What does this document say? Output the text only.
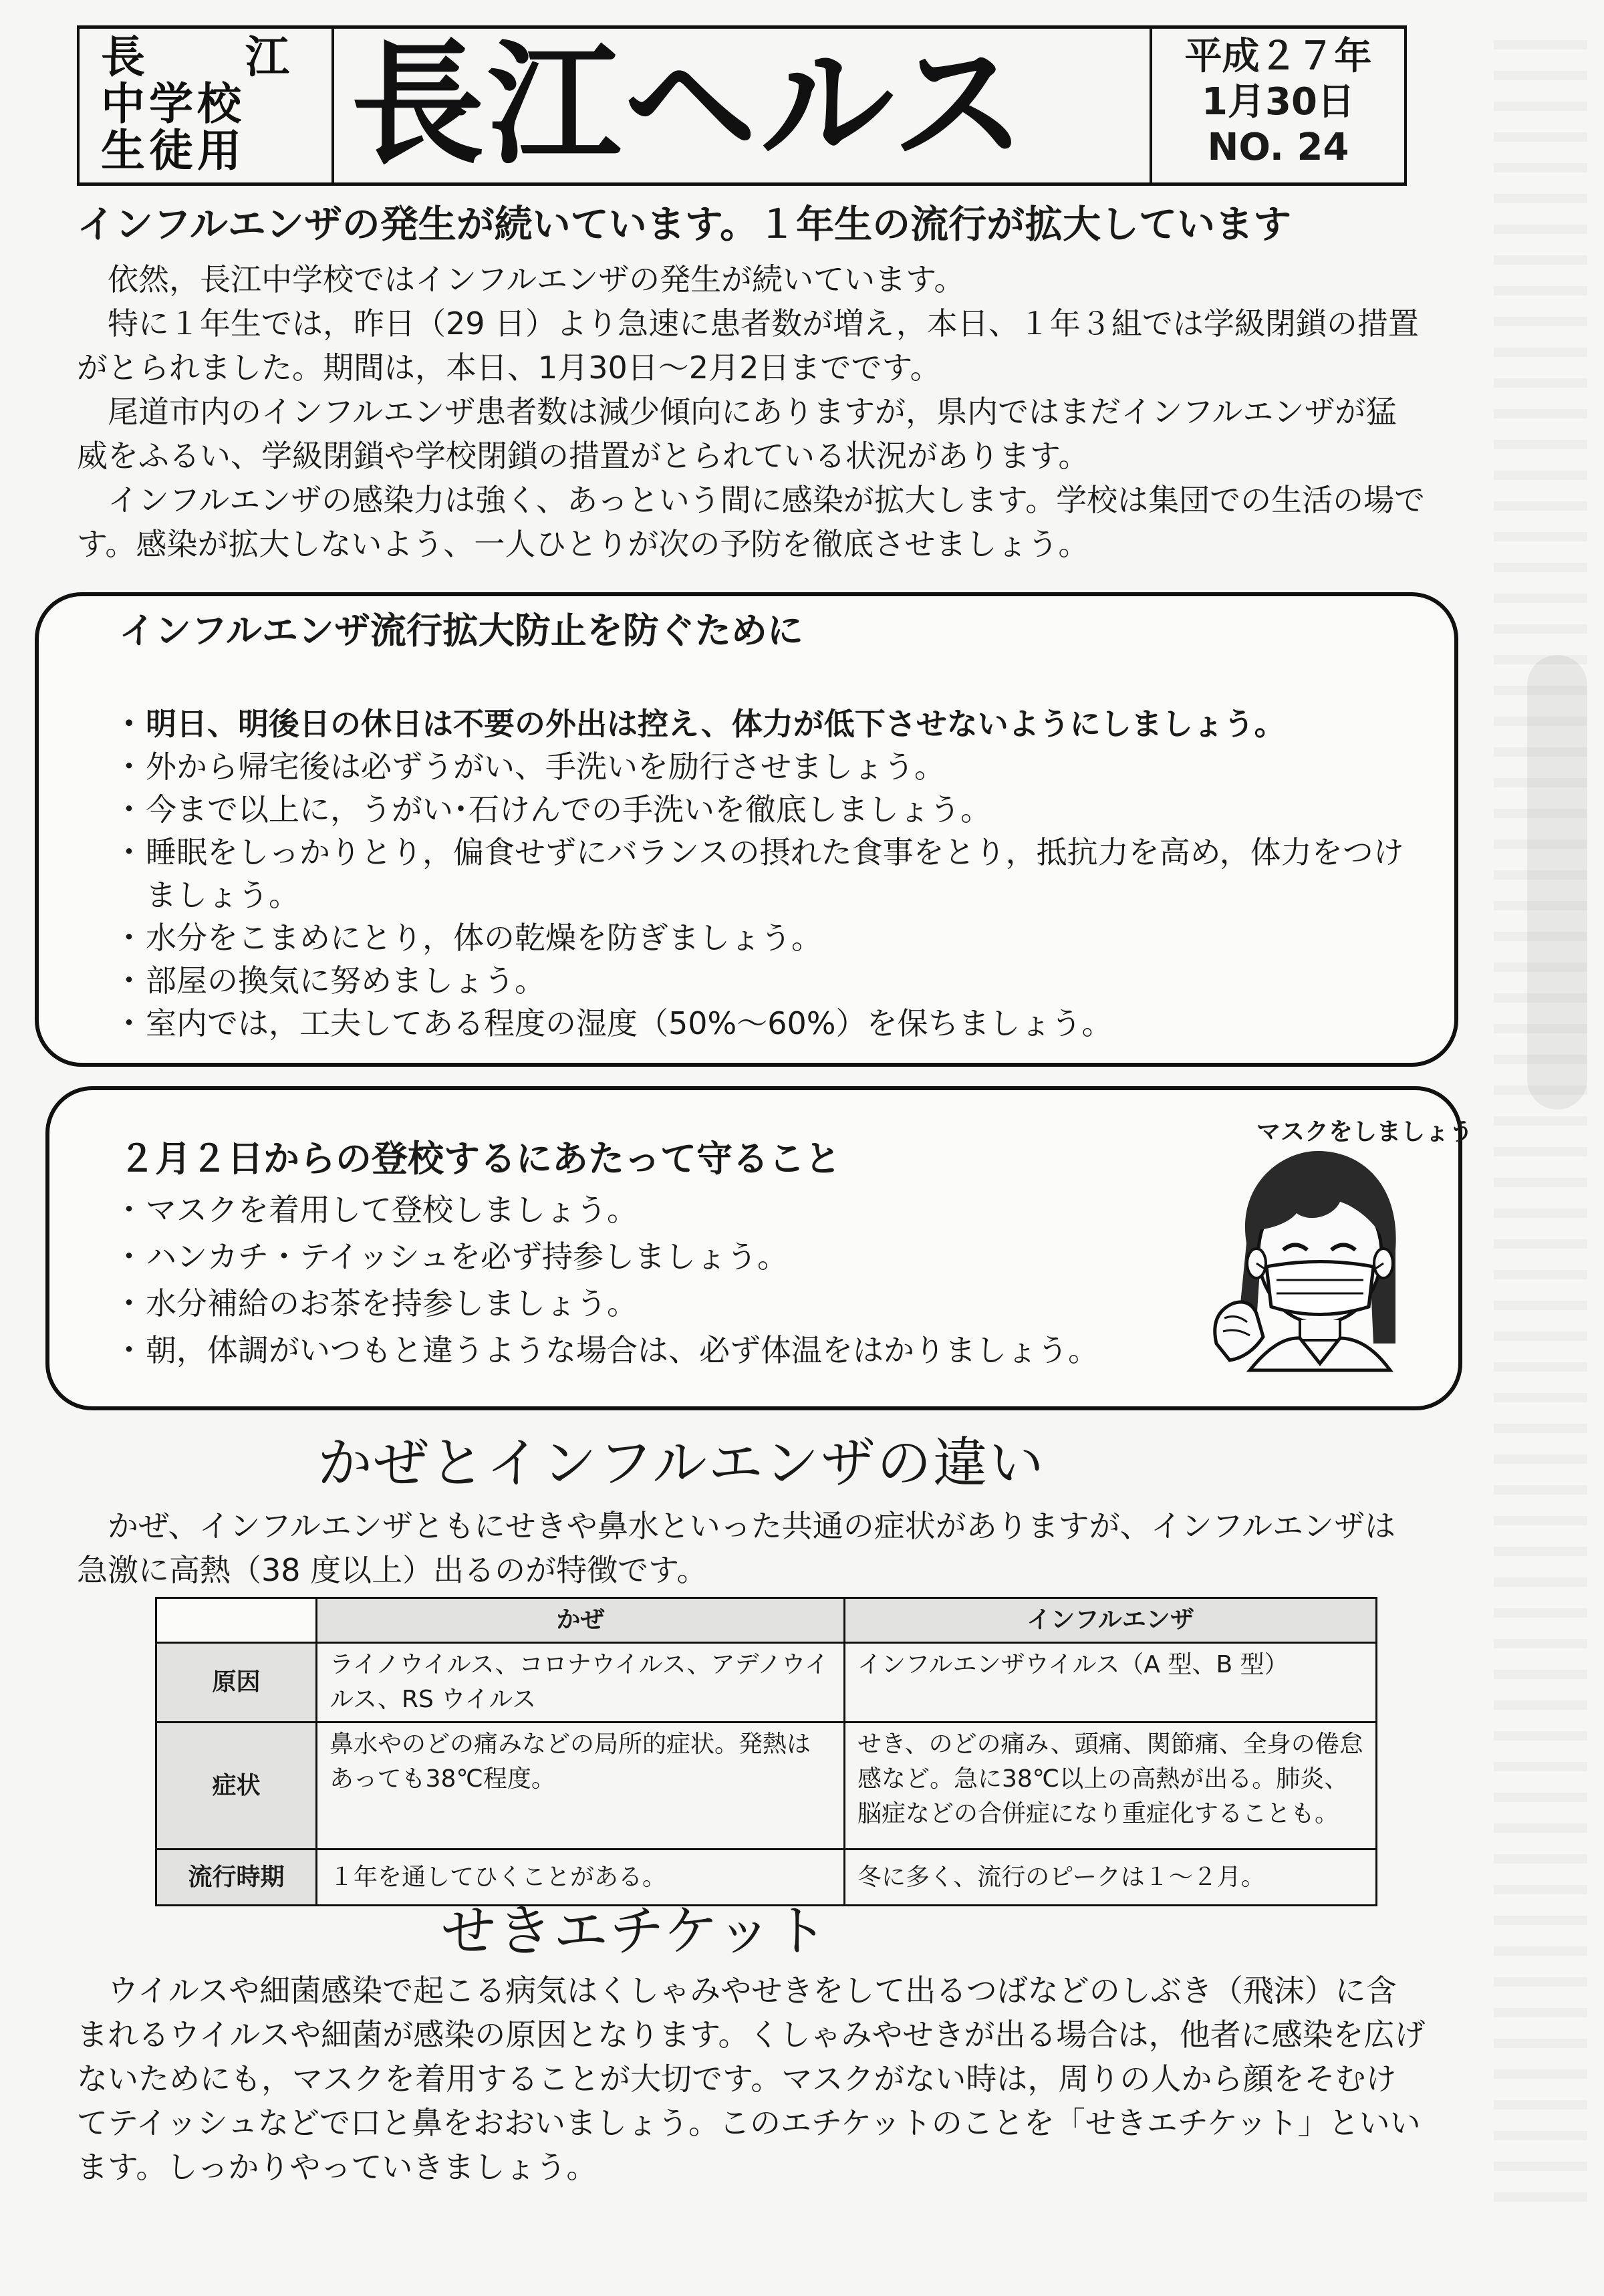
長　　江
中学校
生徒用 長江ヘルス	平成２７年
1月30日
NO. 24
インフルエンザの発生が続いています。１年生の流行が拡大しています
依然，長江中学校ではインフルエンザの発生が続いています。
特に１年生では，昨日（29 日）より急速に患者数が増え，本日、１年３組では学級閉鎖の措置がとられました。期間は，本日、1月30日～2月2日までです。
尾道市内のインフルエンザ患者数は減少傾向にありますが，県内ではまだインフルエンザが猛威をふるい、学級閉鎖や学校閉鎖の措置がとられている状況があります。
インフルエンザの感染力は強く、あっという間に感染が拡大します。学校は集団での生活の場です。感染が拡大しないよう、一人ひとりが次の予防を徹底させましょう。
インフルエンザ流行拡大防止を防ぐために
・ 明日、明後日の休日は不要の外出は控え、体力が低下させないようにしましょう。
・ 外から帰宅後は必ずうがい、手洗いを励行させましょう。
・ 今まで以上に，うがい･石けんでの手洗いを徹底しましょう。
・ 睡眠をしっかりとり，偏食せずにバランスの摂れた食事をとり，抵抗力を高め，体力をつけましょう。
・ 水分をこまめにとり，体の乾燥を防ぎましょう。
・ 部屋の換気に努めましょう。
・ 室内では，工夫してある程度の湿度（50%～60%）を保ちましょう。
２月２日からの登校するにあたって守ること
・ マスクを着用して登校しましょう。
・ ハンカチ・テイッシュを必ず持参しましょう。
・ 水分補給のお茶を持参しましょう。
・ 朝，体調がいつもと違うような場合は、必ず体温をはかりましょう。
マスクをしましょう
かぜとインフルエンザの違い
かぜ、インフルエンザともにせきや鼻水といった共通の症状がありますが、インフルエンザは急激に高熱（38 度以上）出るのが特徴です。
	かぜ	インフルエンザ
原因	ライノウイルス、コロナウイルス、アデノウイルス、RS ウイルス	インフルエンザウイルス（A 型、B 型）
症状	鼻水やのどの痛みなどの局所的症状。発熱はあっても38℃程度。	せき、のどの痛み、頭痛、関節痛、全身の倦怠感など。急に38℃以上の高熱が出る。肺炎、脳症などの合併症になり重症化することも。
流行時期	１年を通してひくことがある。	冬に多く、流行のピークは１～２月。
せきエチケット
ウイルスや細菌感染で起こる病気はくしゃみやせきをして出るつばなどのしぶき（飛沫）に含まれるウイルスや細菌が感染の原因となります。くしゃみやせきが出る場合は，他者に感染を広げないためにも，マスクを着用することが大切です。マスクがない時は，周りの人から顔をそむけてテイッシュなどで口と鼻をおおいましょう。このエチケットのことを「せきエチケット」といいます。しっかりやっていきましょう。
